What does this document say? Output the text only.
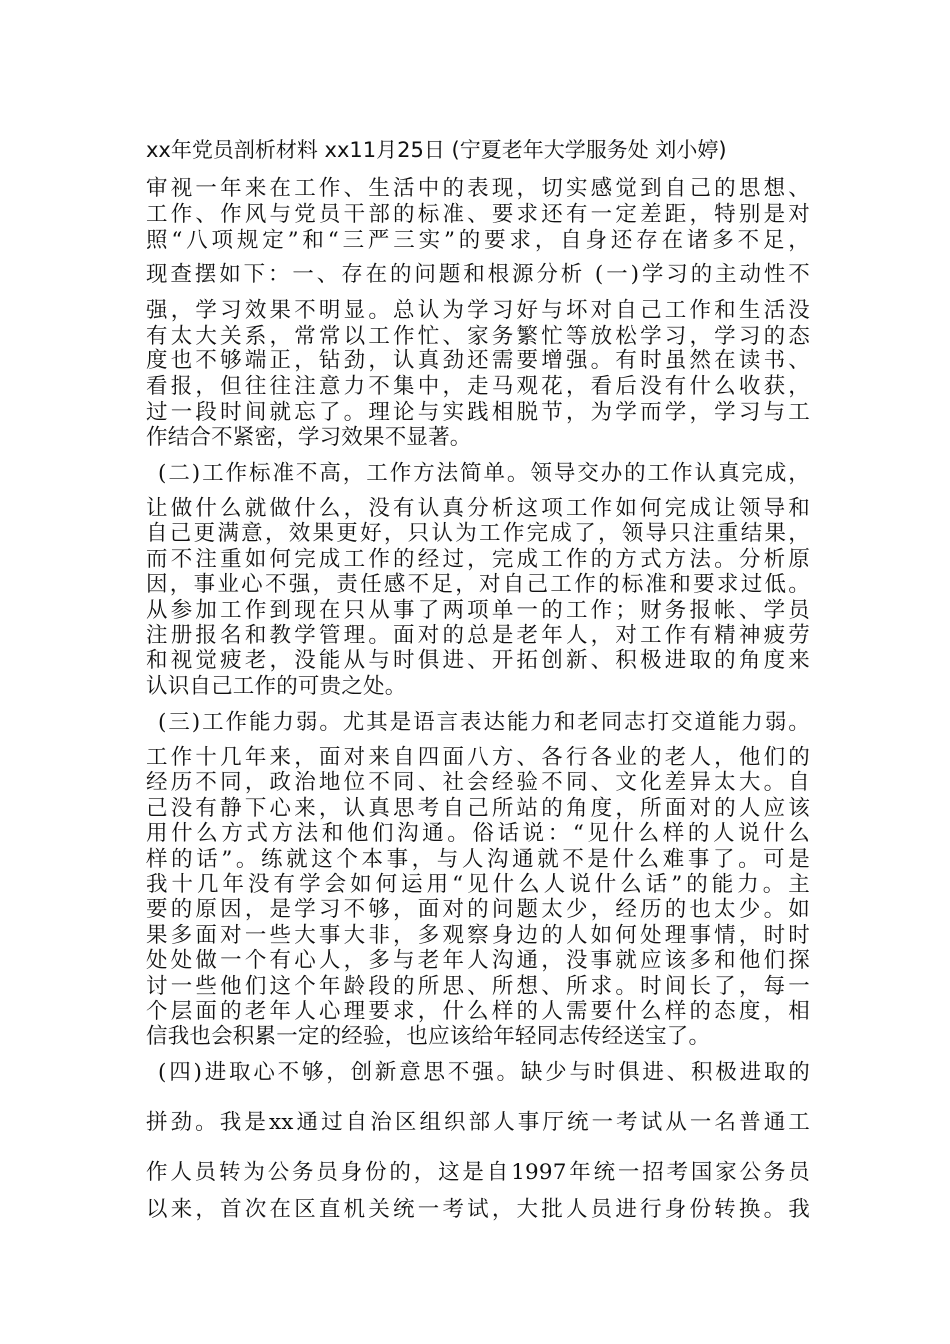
xx年党员剖析材料 xx11月25日 (宁夏老年大学服务处 刘小婷)
审视一年来在工作、生活中的表现，切实感觉到自己的思想、
工作、作风与党员干部的标准、要求还有一定差距，特别是对
照“八项规定”和“三严三实”的要求，自身还存在诸多不足，
现查摆如下：一、存在的问题和根源分析 (一)学习的主动性不
强，学习效果不明显。总认为学习好与坏对自己工作和生活没
有太大关系，常常以工作忙、家务繁忙等放松学习，学习的态
度也不够端正，钻劲，认真劲还需要增强。有时虽然在读书、
看报，但往往注意力不集中，走马观花，看后没有什么收获，
过一段时间就忘了。理论与实践相脱节，为学而学，学习与工
作结合不紧密，学习效果不显著。
(二)工作标准不高，工作方法简单。领导交办的工作认真完成，
让做什么就做什么，没有认真分析这项工作如何完成让领导和
自己更满意，效果更好，只认为工作完成了，领导只注重结果，
而不注重如何完成工作的经过，完成工作的方式方法。分析原
因，事业心不强，责任感不足，对自己工作的标准和要求过低。
从参加工作到现在只从事了两项单一的工作；财务报帐、学员
注册报名和教学管理。面对的总是老年人，对工作有精神疲劳
和视觉疲老，没能从与时俱进、开拓创新、积极进取的角度来
认识自己工作的可贵之处。
(三)工作能力弱。尤其是语言表达能力和老同志打交道能力弱。
工作十几年来，面对来自四面八方、各行各业的老人，他们的
经历不同，政治地位不同、社会经验不同、文化差异太大。自
己没有静下心来，认真思考自己所站的角度，所面对的人应该
用什么方式方法和他们沟通。俗话说：“见什么样的人说什么
样的话”。练就这个本事，与人沟通就不是什么难事了。可是
我十几年没有学会如何运用“见什么人说什么话”的能力。主
要的原因，是学习不够，面对的问题太少，经历的也太少。如
果多面对一些大事大非，多观察身边的人如何处理事情，时时
处处做一个有心人，多与老年人沟通，没事就应该多和他们探
讨一些他们这个年龄段的所思、所想、所求。时间长了，每一
个层面的老年人心理要求，什么样的人需要什么样的态度，相
信我也会积累一定的经验，也应该给年轻同志传经送宝了。
(四)进取心不够，创新意思不强。缺少与时俱进、积极进取的
拼劲。我是xx通过自治区组织部人事厅统一考试从一名普通工
作人员转为公务员身份的，这是自1997年统一招考国家公务员
以来，首次在区直机关统一考试，大批人员进行身份转换。我
